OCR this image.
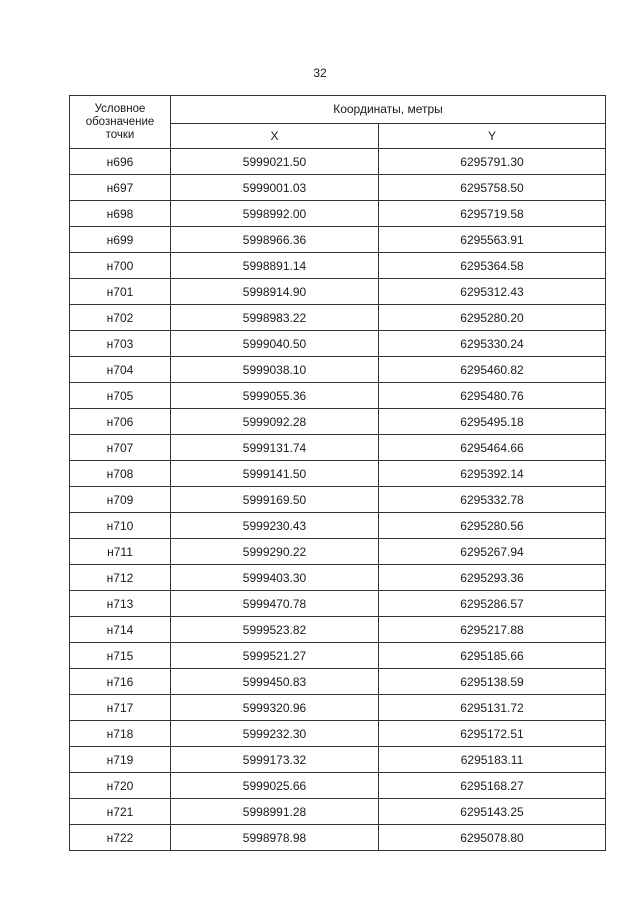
32
Условное обозначение точки	Координаты, метры	
	X	Y
н696	5999021.50	6295791.30
н697	5999001.03	6295758.50
н698	5998992.00	6295719.58
н699	5998966.36	6295563.91
н700	5998891.14	6295364.58
н701	5998914.90	6295312.43
н702	5998983.22	6295280.20
н703	5999040.50	6295330.24
н704	5999038.10	6295460.82
н705	5999055.36	6295480.76
н706	5999092.28	6295495.18
н707	5999131.74	6295464.66
н708	5999141.50	6295392.14
н709	5999169.50	6295332.78
н710	5999230.43	6295280.56
н711	5999290.22	6295267.94
н712	5999403.30	6295293.36
н713	5999470.78	6295286.57
н714	5999523.82	6295217.88
н715	5999521.27	6295185.66
н716	5999450.83	6295138.59
н717	5999320.96	6295131.72
н718	5999232.30	6295172.51
н719	5999173.32	6295183.11
н720	5999025.66	6295168.27
н721	5998991.28	6295143.25
н722	5998978.98	6295078.80
· · · ·
